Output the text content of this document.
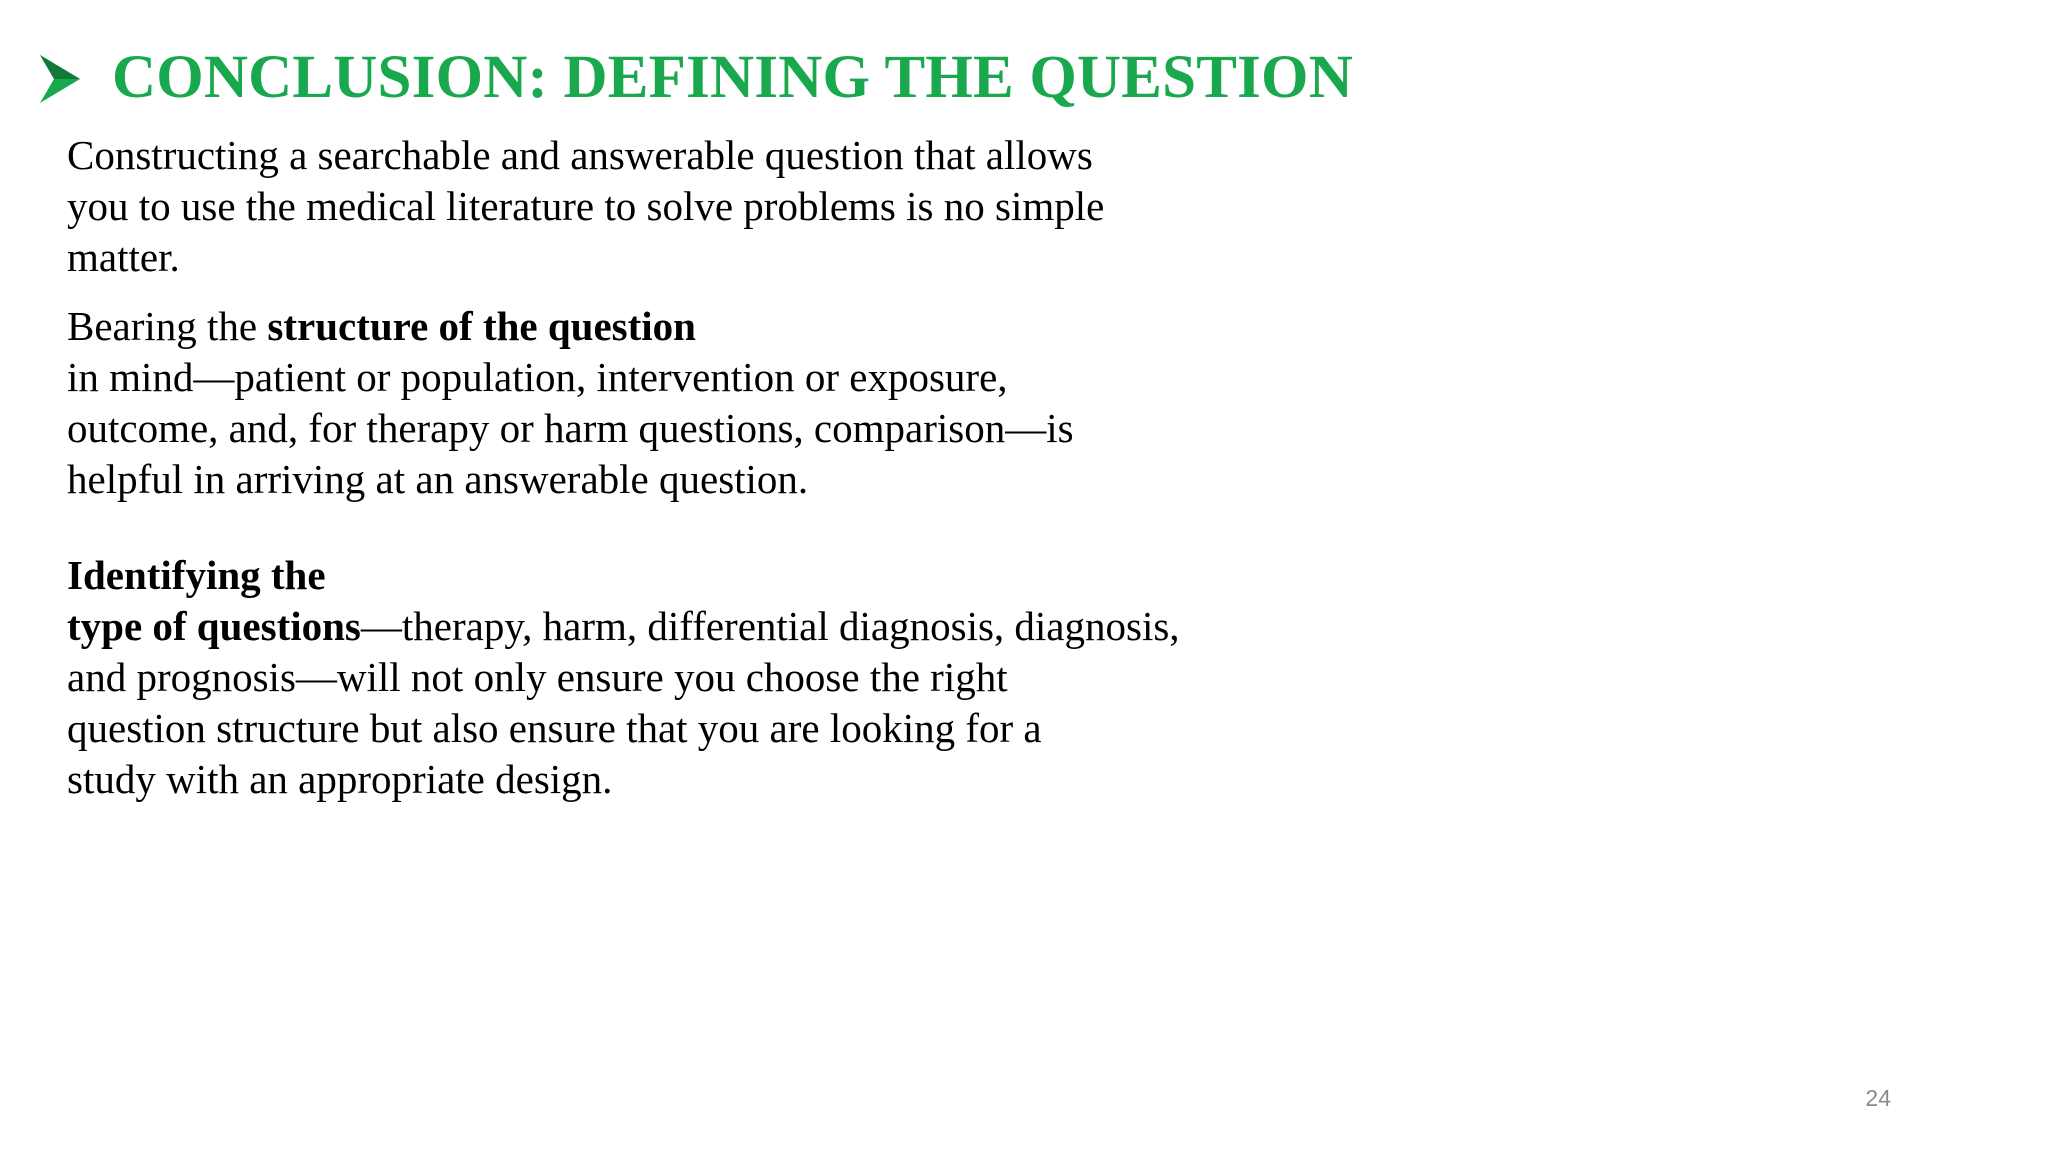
CONCLUSION: DEFINING THE QUESTION

Constructing a searchable and answerable question that allows
you to use the medical literature to solve problems is no simple
matter.

Bearing the structure of the question
in mind—patient or population, intervention or exposure,
outcome, and, for therapy or harm questions, comparison—is
helpful in arriving at an answerable question.

Identifying the
type of questions—therapy, harm, differential diagnosis, diagnosis,
and prognosis—will not only ensure you choose the right
question structure but also ensure that you are looking for a
study with an appropriate design.

24
